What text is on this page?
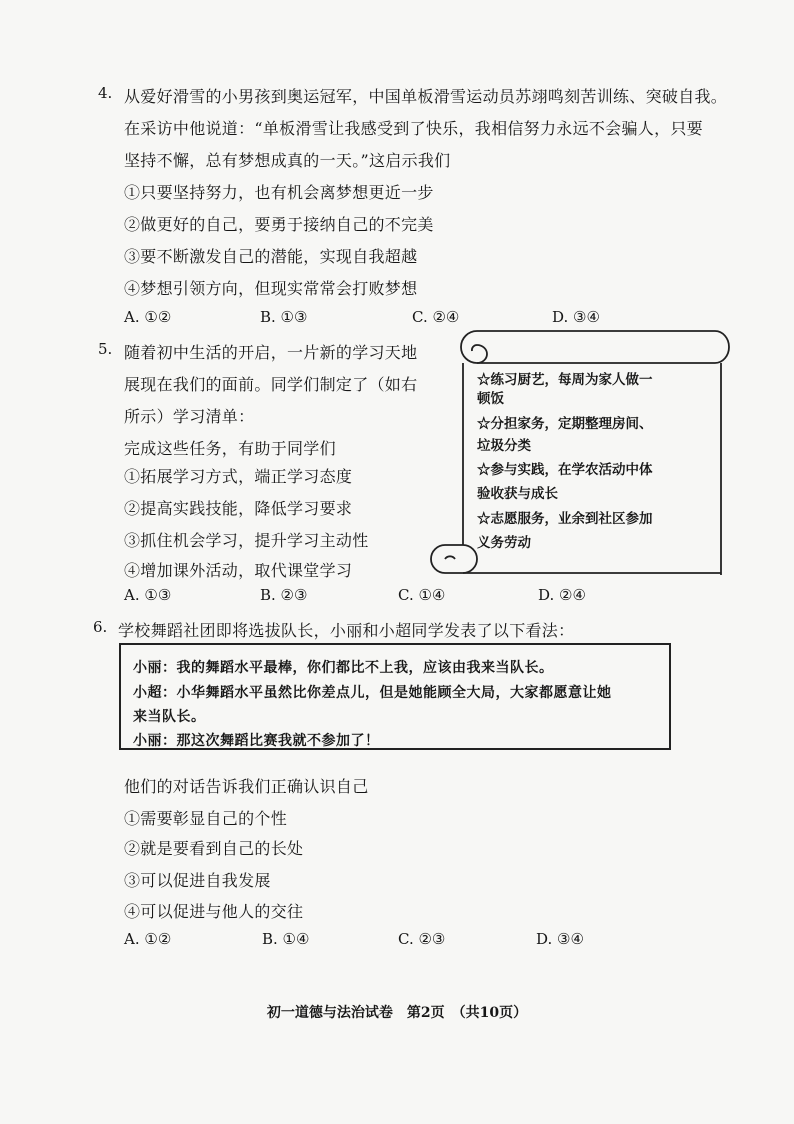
4. 从爱好滑雪的小男孩到奥运冠军，中国单板滑雪运动员苏翊鸣刻苦训练、突破自我。
在采访中他说道：“单板滑雪让我感受到了快乐，我相信努力永远不会骗人，只要
坚持不懈，总有梦想成真的一天。”这启示我们
①只要坚持努力，也有机会离梦想更近一步
②做更好的自己，要勇于接纳自己的不完美
③要不断激发自己的潜能，实现自我超越
④梦想引领方向，但现实常常会打败梦想
A. ①②	B. ①③	C. ②④	D. ③④
5. 随着初中生活的开启，一片新的学习天地
展现在我们的面前。同学们制定了（如右
所示）学习清单：
完成这些任务，有助于同学们
①拓展学习方式，端正学习态度
②提高实践技能，降低学习要求
③抓住机会学习，提升学习主动性
④增加课外活动，取代课堂学习
A. ①③	B. ②③	C. ①④	D. ②④
☆练习厨艺，每周为家人做一
顿饭
☆分担家务，定期整理房间、
垃圾分类
☆参与实践，在学农活动中体
验收获与成长
☆志愿服务，业余到社区参加
义务劳动
6. 学校舞蹈社团即将选拔队长，小丽和小超同学发表了以下看法：
小丽：我的舞蹈水平最棒，你们都比不上我，应该由我来当队长。
小超：小华舞蹈水平虽然比你差点儿，但是她能顾全大局，大家都愿意让她
来当队长。
小丽：那这次舞蹈比赛我就不参加了！
他们的对话告诉我们正确认识自己
①需要彰显自己的个性
②就是要看到自己的长处
③可以促进自我发展
④可以促进与他人的交往
A. ①②	B. ①④	C. ②③	D. ③④
初一道德与法治试卷　第2页　（共10页）
